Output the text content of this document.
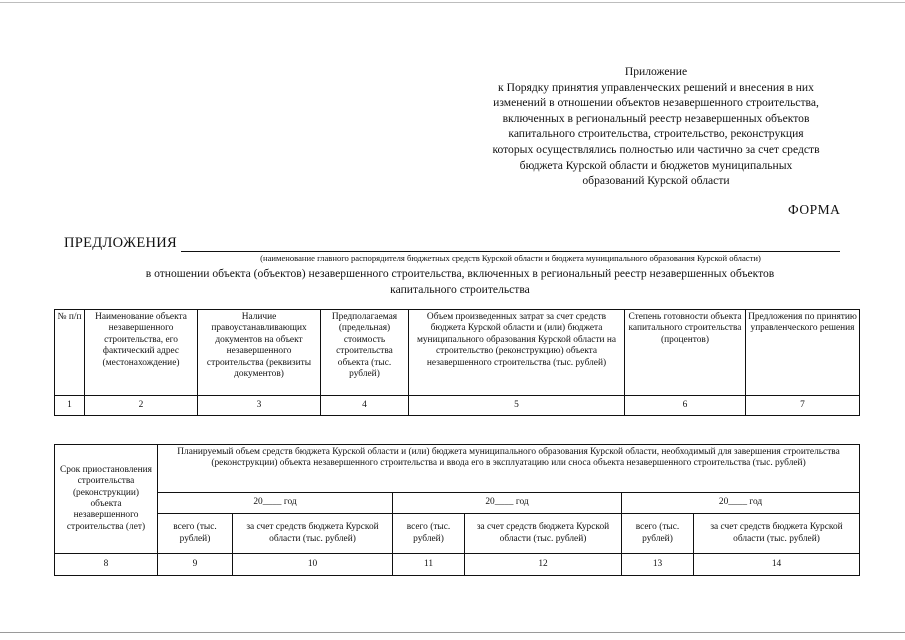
Приложение
к Порядку принятия управленческих решений и внесения в них
изменений в отношении объектов незавершенного строительства,
включенных в региональный реестр незавершенных объектов
капитального строительства, строительство, реконструкция
которых осуществлялись полностью или частично за счет средств
бюджета Курской области и бюджетов муниципальных
образований Курской области
ФОРМА
ПРЕДЛОЖЕНИЯ
(наименование главного распорядителя бюджетных средств Курской области и бюджета муниципального образования Курской области)
в отношении объекта (объектов) незавершенного строительства, включенных в региональный реестр незавершенных объектов
капитального строительства
№ п/п	Наименование объекта незавершенного строительства, его фактический адрес (местонахождение)	Наличие правоустанавливающих документов на объект незавершенного строительства (реквизиты документов)	Предполагаемая (предельная) стоимость строительства объекта (тыс. рублей)	Объем произведенных затрат за счет средств бюджета Курской области и (или) бюджета муниципального образования Курской области на строительство (реконструкцию) объекта незавершенного строительства (тыс. рублей)	Степень готовности объекта капитального строительства (процентов)	Предложения по принятию управленческого решения
1	2	3	4	5	6	7
Срок приостановления строительства (реконструкции) объекта незавершенного строительства (лет)	Планируемый объем средств бюджета Курской области и (или) бюджета муниципального образования Курской области, необходимый для завершения строительства (реконструкции) объекта незавершенного строительства и ввода его в эксплуатацию или сноса объекта незавершенного строительства (тыс. рублей)					
	20____ год		20____ год		20____ год	
	всего (тыс. рублей)	за счет средств бюджета Курской области (тыс. рублей)	всего (тыс. рублей)	за счет средств бюджета Курской области (тыс. рублей)	всего (тыс. рублей)	за счет средств бюджета Курской области (тыс. рублей)
8	9	10	11	12	13	14
